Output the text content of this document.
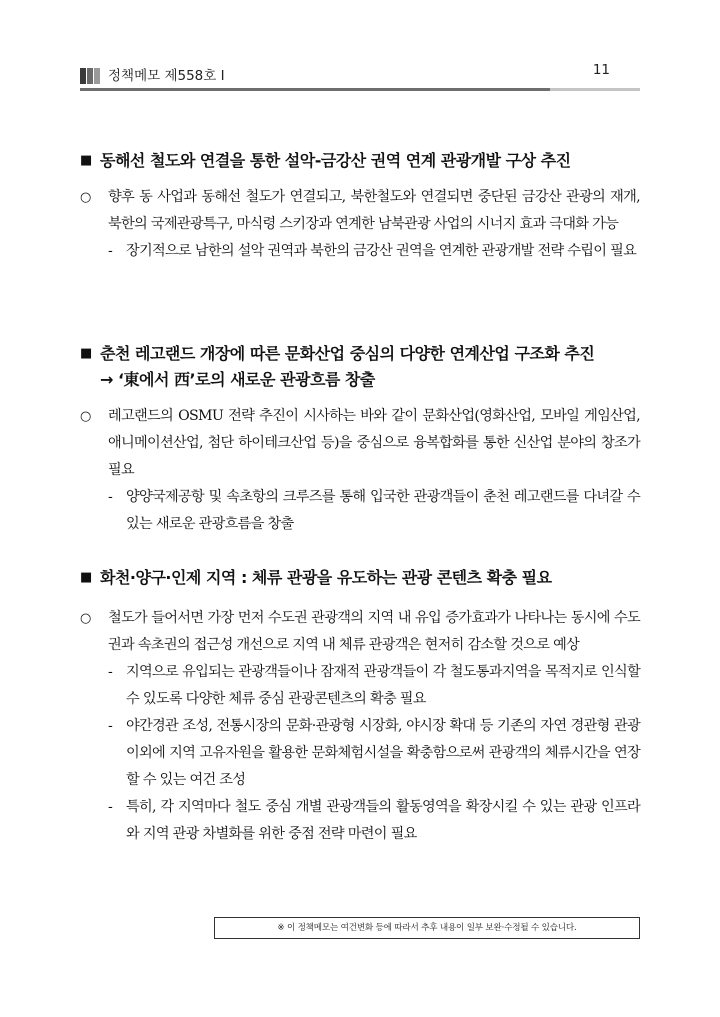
정책메모 제558호 I	11
■ 동해선 철도와 연결을 통한 설악-금강산 권역 연계 관광개발 구상 추진
○	향후 동 사업과 동해선 철도가 연결되고, 북한철도와 연결되면 중단된 금강산 관광의 재개, 북한의 국제관광특구, 마식령 스키장과 연계한 남북관광 사업의 시너지 효과 극대화 가능
- 장기적으로 남한의 설악 권역과 북한의 금강산 권역을 연계한 관광개발 전략 수립이 필요
■ 춘천 레고랜드 개장에 따른 문화산업 중심의 다양한 연계산업 구조화 추진
→ ‘東에서 西’로의 새로운 관광흐름 창출
○	레고랜드의 OSMU 전략 추진이 시사하는 바와 같이 문화산업(영화산업, 모바일 게임산업, 애니메이션산업, 첨단 하이테크산업 등)을 중심으로 융복합화를 통한 신산업 분야의 창조가 필요
- 양양국제공항 및 속초항의 크루즈를 통해 입국한 관광객들이 춘천 레고랜드를 다녀갈 수 있는 새로운 관광흐름을 창출
■ 화천·양구·인제 지역 : 체류 관광을 유도하는 관광 콘텐츠 확충 필요
○	철도가 들어서면 가장 먼저 수도권 관광객의 지역 내 유입 증가효과가 나타나는 동시에 수도권과 속초권의 접근성 개선으로 지역 내 체류 관광객은 현저히 감소할 것으로 예상
- 지역으로 유입되는 관광객들이나 잠재적 관광객들이 각 철도통과지역을 목적지로 인식할 수 있도록 다양한 체류 중심 관광콘텐츠의 확충 필요
- 야간경관 조성, 전통시장의 문화·관광형 시장화, 야시장 확대 등 기존의 자연 경관형 관광 이외에 지역 고유자원을 활용한 문화체험시설을 확충함으로써 관광객의 체류시간을 연장할 수 있는 여건 조성
- 특히, 각 지역마다 철도 중심 개별 관광객들의 활동영역을 확장시킬 수 있는 관광 인프라와 지역 관광 차별화를 위한 중점 전략 마련이 필요
※ 이 정책메모는 여건변화 등에 따라서 추후 내용이 일부 보완·수정될 수 있습니다.
